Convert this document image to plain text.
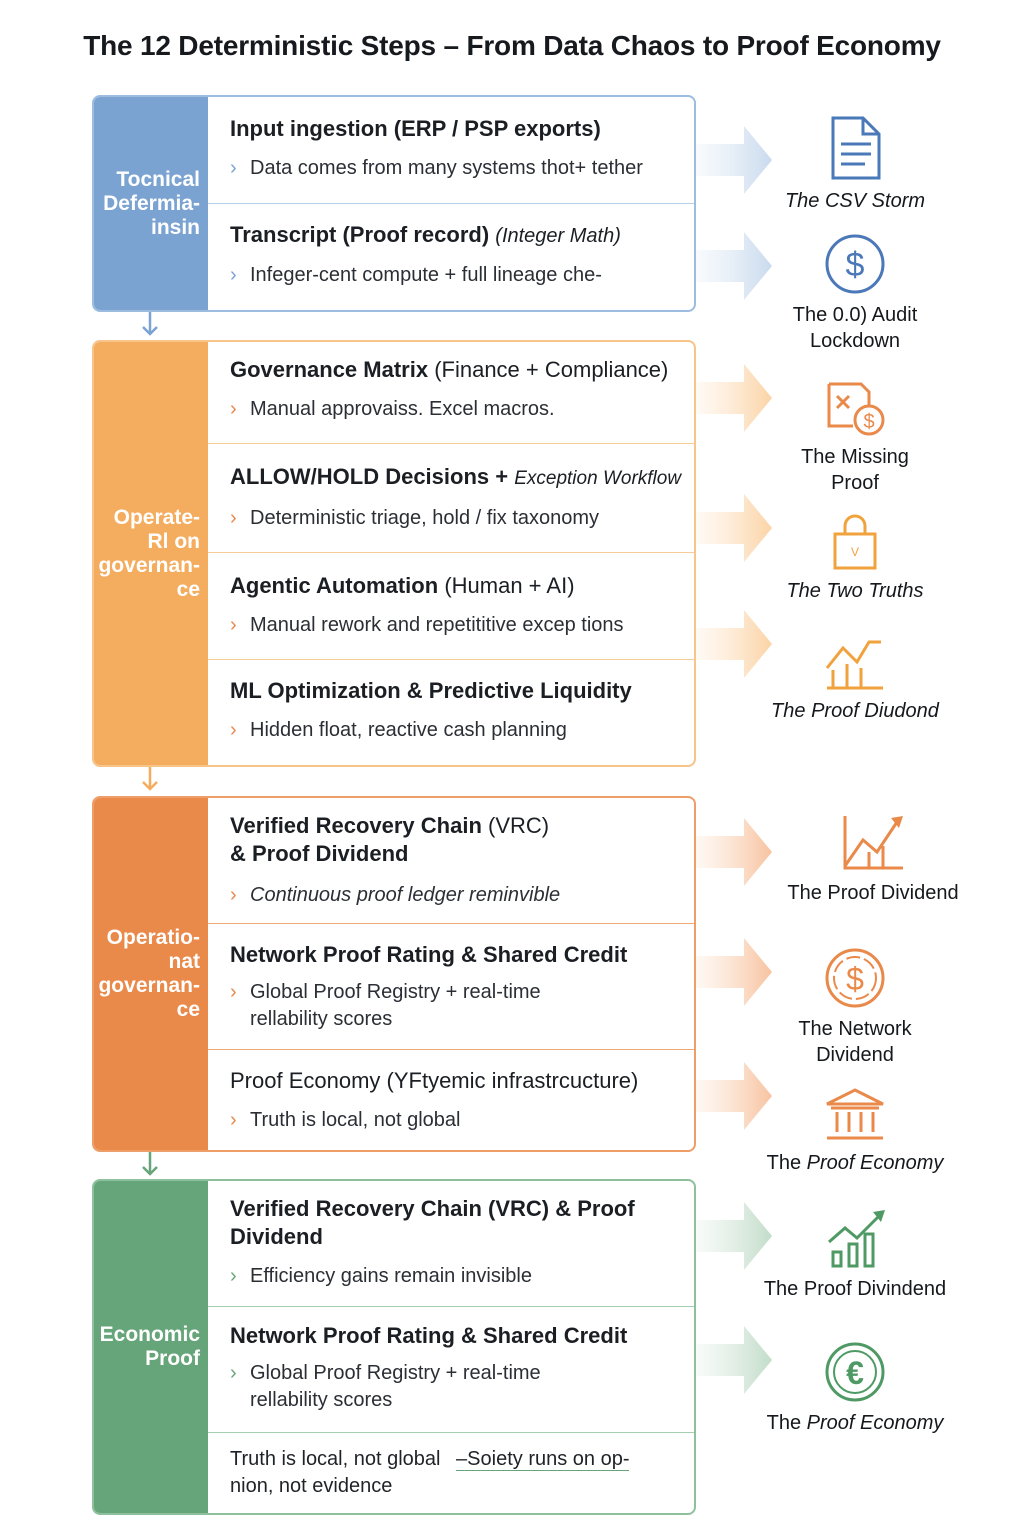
The 12 Deterministic Steps – From Data Chaos to Proof Economy
Tocnical
Defermia-
insin
Input ingestion (ERP / PSP exports)
› Data comes from many systems thot+ tether
Transcript (Proof record) (Integer Math)
› Infeger-cent compute + full lineage che-
Operate-
Rl on
governan-
ce
Governance Matrix (Finance + Compliance)
› Manual approvaiss. Excel macros.
ALLOW/HOLD Decisions + Exception Workflow
› Deterministic triage, hold / fix taxonomy
Agentic Automation (Human + AI)
› Manual rework and repetititive excep tions
ML Optimization & Predictive Liquidity
› Hidden float, reactive cash planning
Operatio-
nat
governan-
ce
Verified Recovery Chain (VRC)
& Proof Dividend
› Continuous proof ledger reminvible
Network Proof Rating & Shared Credit
› Global Proof Registry + real-time
rellability scores
Proof Economy (YFtyemic infrastrcucture)
› Truth is local, not global
Economic
Proof
Verified Recovery Chain (VRC) & Proof
Dividend
› Efficiency gains remain invisible
Network Proof Rating & Shared Credit
› Global Proof Registry + real-time
rellability scores
Truth is local, not global –Soiety runs on op-
nion, not evidence
The CSV Storm
$
The 0.0) Audit
Lockdown
$
The Missing
Proof
V
The Two Truths
The Proof Diudond
The Proof Dividend
$
The Network
Dividend
The Proof Economy
The Proof Divindend
€
The Proof Economy
